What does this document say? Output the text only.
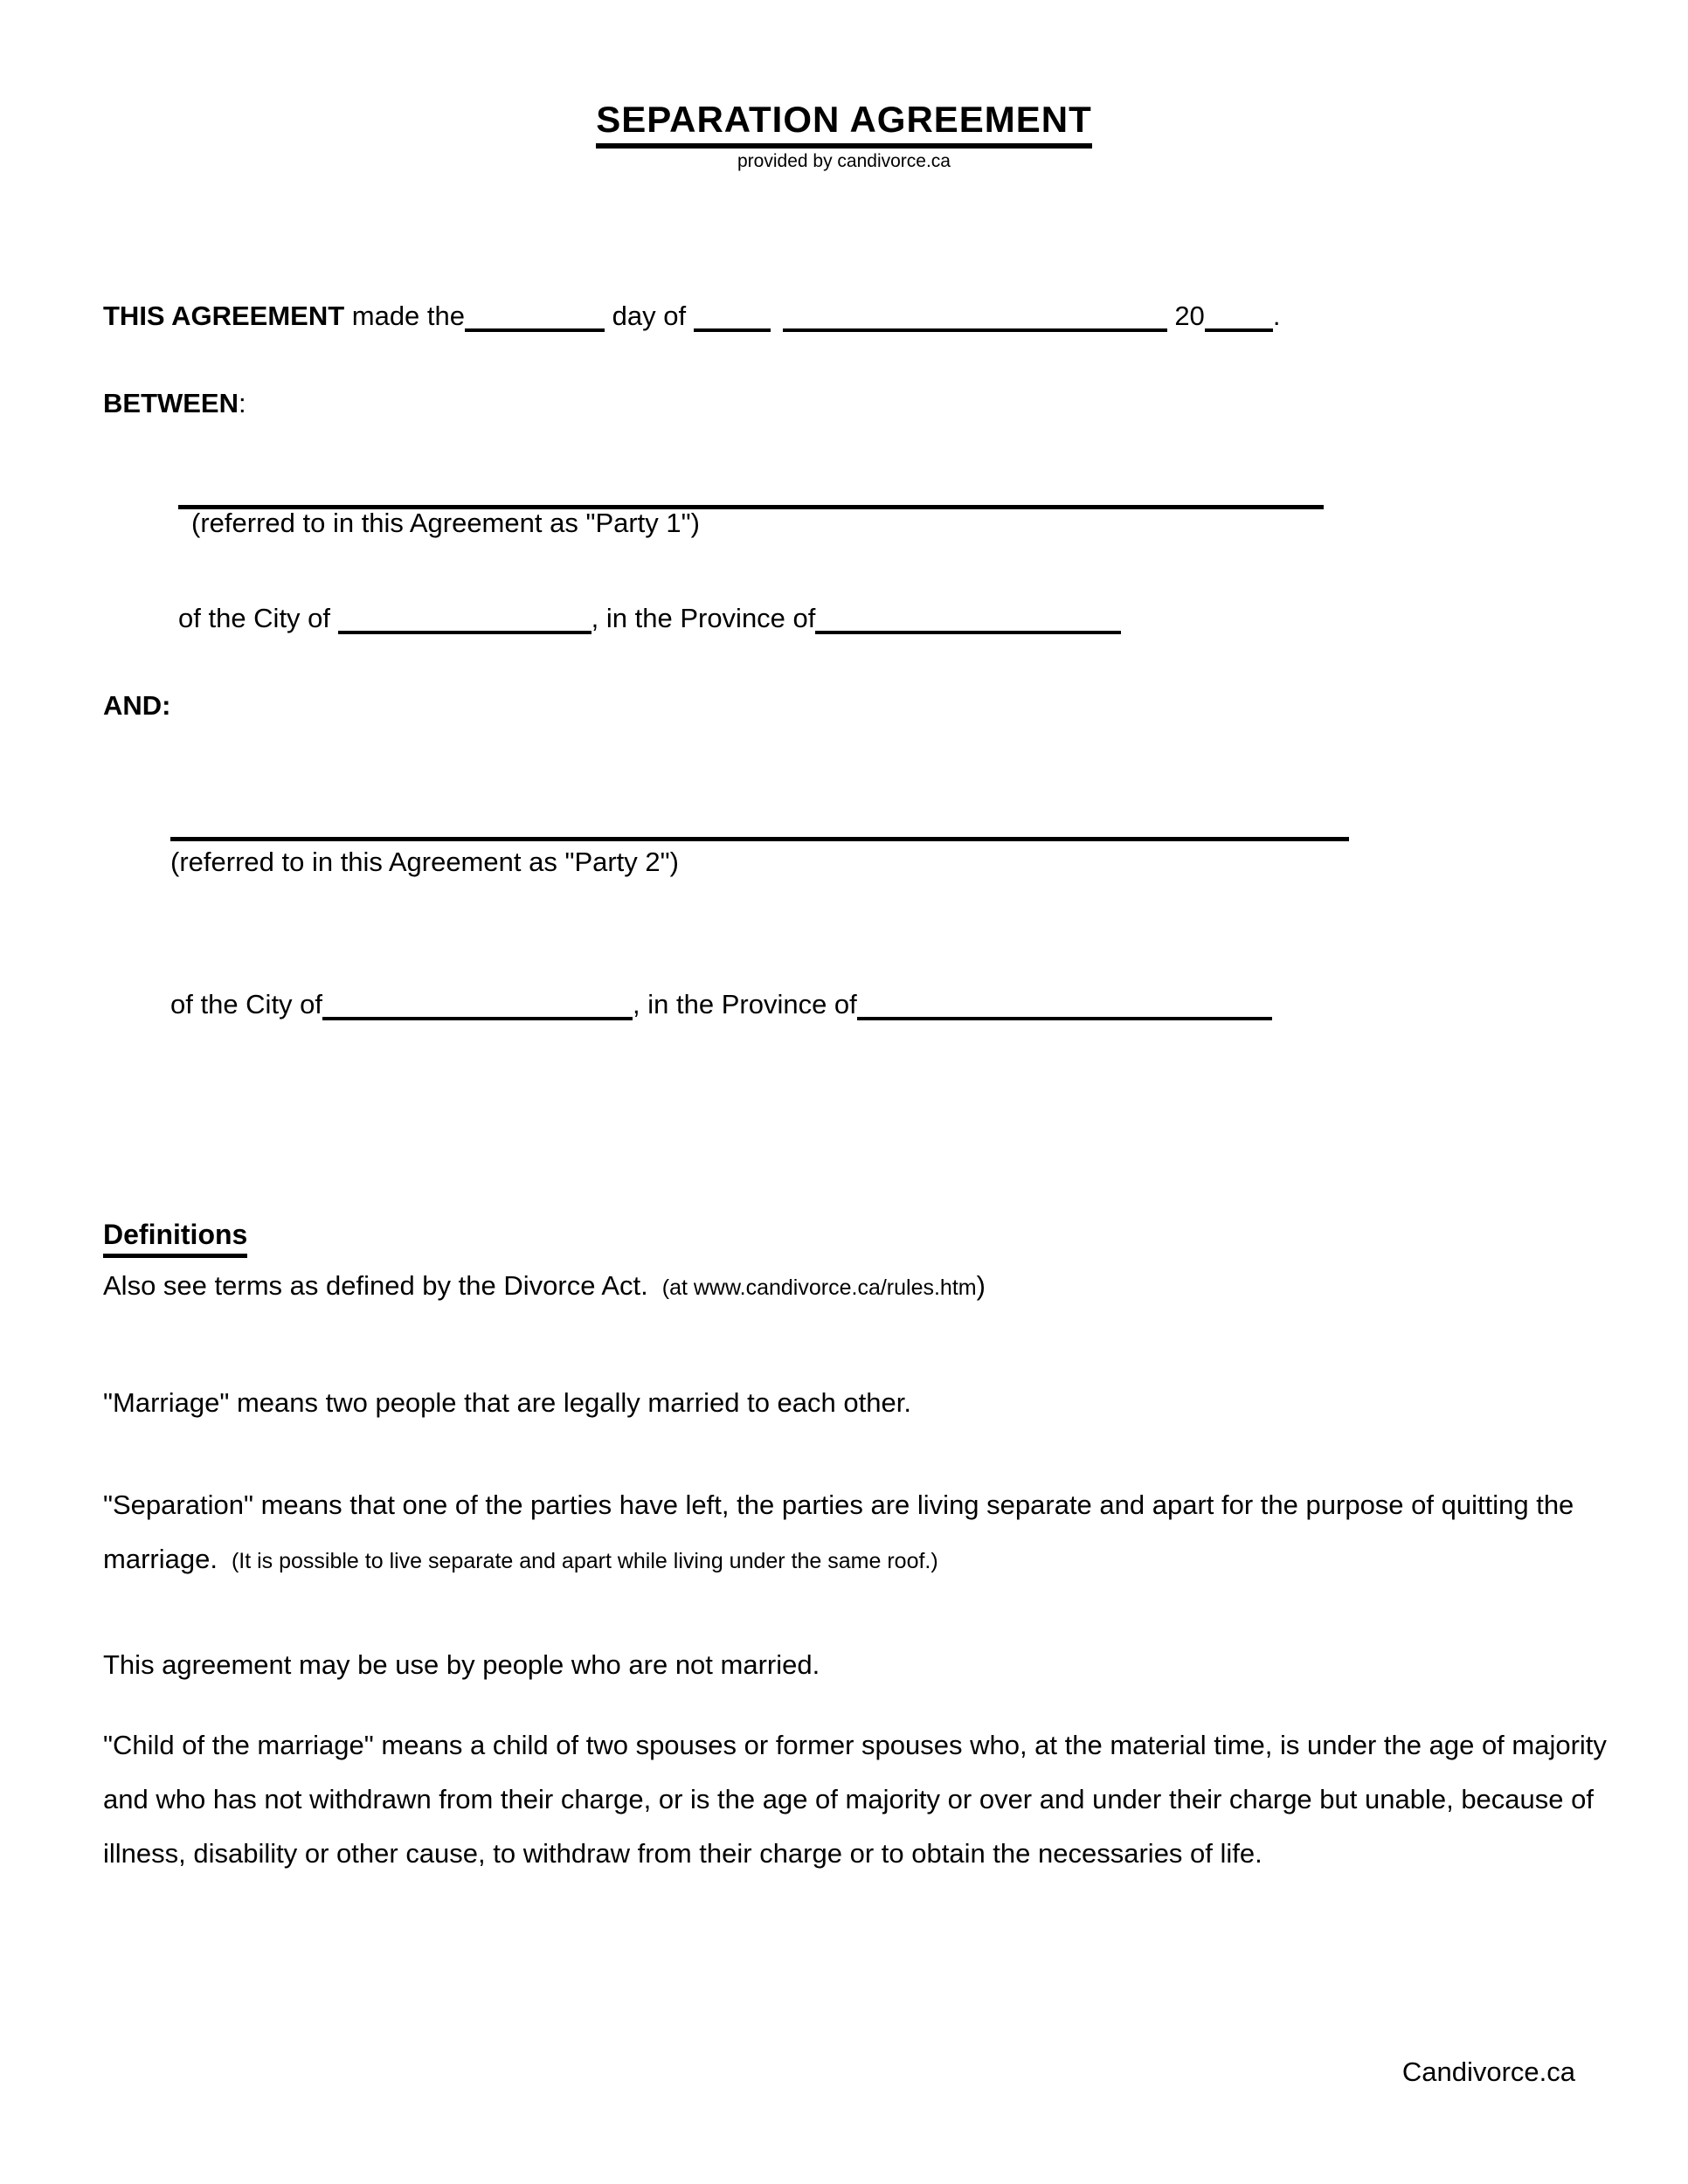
SEPARATION AGREEMENT
provided by candivorce.ca
THIS AGREEMENT made the	day of	20	.
BETWEEN:
(referred to in this Agreement as "Party 1")
of the City of	, in the Province of
AND:
(referred to in this Agreement as "Party 2")
of the City of	, in the Province of
Definitions
Also see terms as defined by the Divorce Act. (at www.candivorce.ca/rules.htm)

"Marriage" means two people that are legally married to each other.

"Separation" means that one of the parties have left, the parties are living separate and apart for the purpose of quitting the marriage. (It is possible to live separate and apart while living under the same roof.)

This agreement may be use by people who are not married.

"Child of the marriage" means a child of two spouses or former spouses who, at the material time, is under the age of majority and who has not withdrawn from their charge, or is the age of majority or over and under their charge but unable, because of illness, disability or other cause, to withdraw from their charge or to obtain the necessaries of life.

Candivorce.ca
